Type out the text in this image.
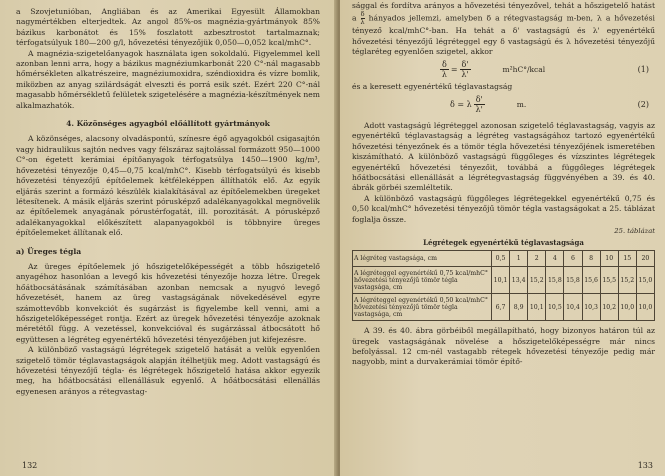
a Szovjetunióban, Angliában és az Amerikai Egyesült Államokban nagymértékben elterjedtek. Az angol 85%-os magnézia-gyártmányok 85% bázikus karbonátot és 15% foszlatott azbesztrostot tartalmaznak; térfogatsúlyuk 180—200 g/l, hővezetési tényezőjük 0,050—0,052 kcal/mhC°.

A magnézia-szigetelőanyagok használata igen sokoldalú. Figyelemmel kell azonban lenni arra, hogy a bázikus magnéziumkarbonát 220 C°-nál magasabb hőmérsékleten alkatrészeire, magnéziumoxidra, széndioxidra és vízre bomlik, miközben az anyag szilárdságát elveszti és porrá esik szét. Ezért 220 C°-nál magasabb hőmérsékletű felületek szigetelésére a magnézia-készítmények nem alkalmazhatók.

4. Közönséges agyagból előállított gyártmányok

A közönséges, alacsony olvadáspontú, színesre égő agyagokból csigasajtón vagy hidraulikus sajtón nedves vagy félszáraz sajtolással formázott 950—1000 C°-on égetett kerámiai építőanyagok térfogatsúlya 1450—1900 kg/m³, hővezetési tényezője 0,45—0,75 kcal/mhC°. Kisebb térfogatsúlyú és kisebb hővezetési tényezőjű építőelemek kétféleképpen állíthatók elő. Az egyik eljárás szerint a formázó készülék kialakításával az építőelemekben üregeket létesítenek. A másik eljárás szerint pórusképző adalékanyagokkal megnövelik az építőelemek anyagának pórustérfogatát, ill. porozitását. A pórusképző adalékanyagokkal előkészített alapanyagokból is többnyire üreges építőelemeket állítanak elő.

a) Üreges tégla

Az üreges építőelemek jó hőszigetelőképességét a több hőszigetelő anyagéhoz hasonlóan a levegő kis hővezetési tényezője hozza létre. Üregek hőátbocsátásának számításában azonban nemcsak a nyugvó levegő hővezetését, hanem az üreg vastagságának növekedésével egyre számottevőbb konvekciót és sugárzást is figyelembe kell venni, ami a hőszigetelőképességet rontja. Ezért az üregek hővezetési tényezője azoknak méretétől függ. A vezetéssel, konvekcióval és sugárzással átbocsátott hő együttesen a légréteg egyenértékű hővezetési tényezőjében jut kifejezésre.

A különböző vastagságú légrétegek szigetelő hatását a velük egyenlően szigetelő tömör téglavastagságok alapján ítélhetjük meg. Adott vastagságú és hővezetési tényezőjű tégla- és légrétegek hőszigetelő hatása akkor egyezik meg, ha hőátbocsátási ellenállásuk egyenlő. A hőátbocsátási ellenállás egyenesen arányos a rétegvastag-

132

sággal és fordítva arányos a hővezetési tényezővel, tehát a hőszigetelő hatást a $\frac{\delta}{\lambda}$ hányados jellemzi, amelyben δ a rétegvastagság m-ben, λ a hővezetési tényező kcal/mhC°-ban. Ha tehát a δ' vastagságú és λ' egyenértékű hővezetési tényezőjű légréteggel egy δ vastagságú és λ hővezetési tényezőjű téglaréteg egyenlően szigetel, akkor

$\frac{\delta}{\lambda} = \frac{\delta'}{\lambda'}$	m²hC°/kcal	(1)

és a keresett egyenértékű téglavastagság

δ = λ $\frac{\delta'}{\lambda'}$	m.	(2)

Adott vastagságú légréteggel azonosan szigetelő téglavastagság, vagyis az egyenértékű téglavastagság a légréteg vastagságához tartozó egyenértékű hővezetési tényezőnek és a tömör tégla hővezetési tényezőjének ismeretében kiszámítható. A különböző vastagságú függőleges és vízszintes légrétegek egyenértékű hővezetési tényezőit, továbbá a függőleges légrétegek hőátbocsátási ellenállását a légrétegvastagság függvényében a 39. és 40. ábrák görbéi szemléltetik.

A különböző vastagságú függőleges légrétegekkel egyenértékű 0,75 és 0,50 kcal/mhC° hővezetési tényezőjű tömör tégla vastagságokat a 25. táblázat foglalja össze.

25. táblázat
Légrétegek egyenértékű téglavastagsága
A légréteg vastagsága, cm	0,5	1	2	4	6	8	10	15	20
A légréteggel egyenértékű 0,75 kcal/mhC° hővezetési tényezőjű tömör tégla vastagsága, cm	10,1	13,4	15,2	15,8	15,8	15,6	15,5	15,2	15,0
A légréteggel egyenértékű 0,50 kcal/mhC° hővezetési tényezőjű tömör tégla vastagsága, cm	6,7	8,9	10,1	10,5	10,4	10,3	10,2	10,0	10,0

A 39. és 40. ábra görbéiből megállapítható, hogy bizonyos határon túl az üregek vastagságának növelése a hőszigetelőképességre már nincs befolyással. 12 cm-nél vastagabb rétegek hővezetési tényezője pedig már nagyobb, mint a durvakerámiai tömör építő-

133
